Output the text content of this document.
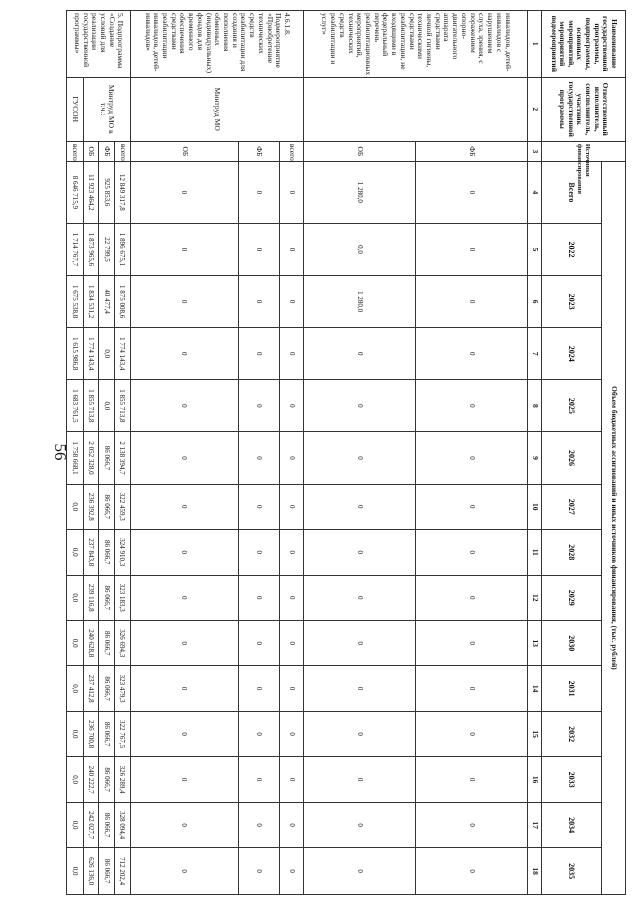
56
Наименование государственной программы, подпрограммы, основных мероприятий, мероприятий подмероприятий	Ответственный исполнитель, соисполнитель, участник государственной программы	Источники финансирования	Объем бюджетных ассигнований и иных источников финансирования, (тыс. рублей)														
			Всего	2022	2023	2024	2025	2026	2027	2028	2029	2030	2031	2032	2033	2034	2035
1	2	3	4	5	6	7	8	9	10	11	12	13	14	15	16	17	18
инвалидов, детей-инвалидов с нарушением слуха, зрения, с поражением опорно-двигательного аппарата средствами личной гигиены, техническими средствами реабилитации, не входящими в федеральный перечень реабилитационных мероприятий, технических средств реабилитации и услуг»		ФБ	0	0	0	0	0	0	0	0	0	0	0	0	0	0	0
		ОБ	1 280,0	0,0	1 280,0	0	0	0	0	0	0	0	0	0	0	0	0
4.6.1.8. Подмероприятие «Приобретение технических средств реабилитации для создания и пополнения обменных (индивидуальных) фондов для временного обеспечения средствами реабилитации инвалидов, детей-инвалидов»	Минтруд МО	всего:	0	0	0	0	0	0	0	0	0	0	0	0	0	0	0
		ФБ	0	0	0	0	0	0	0	0	0	0	0	0	0	0	0
		ОБ	0	0	0	0	0	0	0	0	0	0	0	0	0	0	0
5. Подпрограмма «Создание условий для реализации государственной программы»	Минтруд МО в т.ч.:	всего:	12 849 317,8	1 896 675,1	1 875 008,6	1 774 143,4	1 855 713,8	2 138 394,7	322 459,3	324 910,3	323 183,3	326 694,3	323 479,3	322 767,5	326 289,4	328 094,4	712 202,4
		ФБ	925 853,6	22 799,5	40 477,4	0,0	0,0	86 066,7	86 066,7	86 066,7	86 066,7	86 066,7	86 066,7	86 066,7	86 066,7	86 066,7	86 066,7
		ОБ	11 923 464,2	1 873 965,6	1 834 531,2	1 774 143,4	1 855 713,8	2 052 328,0	236 392,8	237 843,8	239 116,8	240 628,8	237 412,8	236 700,8	240 222,7	242 027,7	626 136,0
	ГУСОН	всего:	8 646 715,9	1 714 767,7	1 675 538,8	1 615 986,8	1 683 761,5	1 758 668,1	0,0	0,0	0,0	0,0	0,0	0,0	0,0	0,0	0,0
